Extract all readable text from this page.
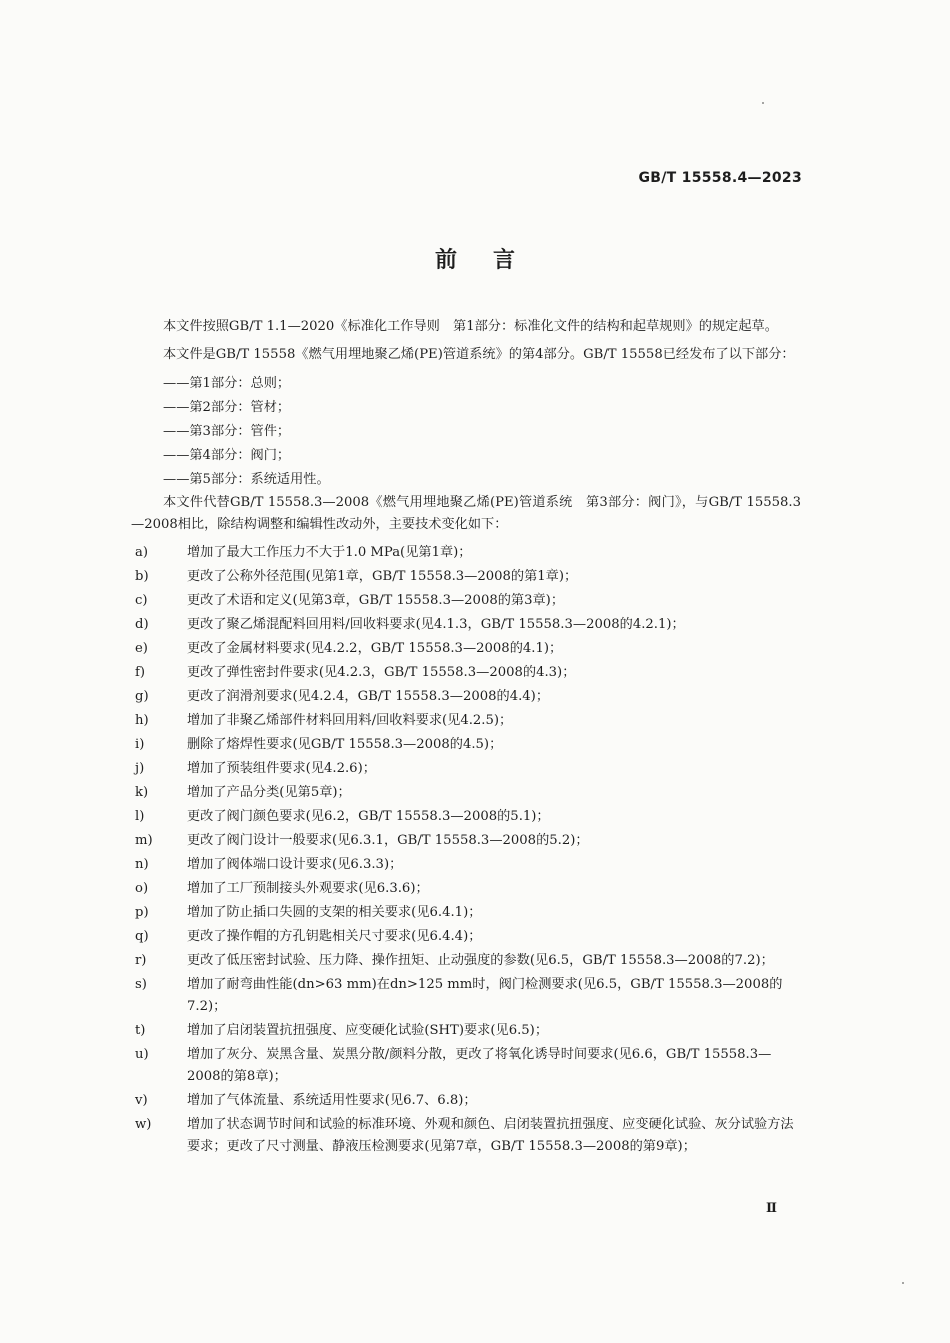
GB/T 15558.4—2023
前言

本文件按照GB/T 1.1—2020《标准化工作导则　第1部分：标准化文件的结构和起草规则》的规定起草。

本文件是GB/T 15558《燃气用埋地聚乙烯(PE)管道系统》的第4部分。GB/T 15558已经发布了以下部分：

——第1部分：总则；
——第2部分：管材；
——第3部分：管件；
——第4部分：阀门；
——第5部分：系统适用性。

本文件代替GB/T 15558.3—2008《燃气用埋地聚乙烯(PE)管道系统　第3部分：阀门》，与GB/T 15558.3—2008相比，除结构调整和编辑性改动外，主要技术变化如下：

a)	增加了最大工作压力不大于1.0 MPa(见第1章)；
b)	更改了公称外径范围(见第1章，GB/T 15558.3—2008的第1章)；
c)	更改了术语和定义(见第3章，GB/T 15558.3—2008的第3章)；
d)	更改了聚乙烯混配料回用料/回收料要求(见4.1.3，GB/T 15558.3—2008的4.2.1)；
e)	更改了金属材料要求(见4.2.2，GB/T 15558.3—2008的4.1)；
f)	更改了弹性密封件要求(见4.2.3，GB/T 15558.3—2008的4.3)；
g)	更改了润滑剂要求(见4.2.4，GB/T 15558.3—2008的4.4)；
h)	增加了非聚乙烯部件材料回用料/回收料要求(见4.2.5)；
i)	删除了熔焊性要求(见GB/T 15558.3—2008的4.5)；
j)	增加了预装组件要求(见4.2.6)；
k)	增加了产品分类(见第5章)；
l)	更改了阀门颜色要求(见6.2，GB/T 15558.3—2008的5.1)；
m)	更改了阀门设计一般要求(见6.3.1，GB/T 15558.3—2008的5.2)；
n)	增加了阀体端口设计要求(见6.3.3)；
o)	增加了工厂预制接头外观要求(见6.3.6)；
p)	增加了防止插口失圆的支架的相关要求(见6.4.1)；
q)	更改了操作帽的方孔钥匙相关尺寸要求(见6.4.4)；
r)	更改了低压密封试验、压力降、操作扭矩、止动强度的参数(见6.5，GB/T 15558.3—2008的7.2)；
s)	增加了耐弯曲性能(dn>63 mm)在dn>125 mm时，阀门检测要求(见6.5，GB/T 15558.3—2008的7.2)；
t)	增加了启闭装置抗扭强度、应变硬化试验(SHT)要求(见6.5)；
u)	增加了灰分、炭黑含量、炭黑分散/颜料分散，更改了将氧化诱导时间要求(见6.6，GB/T 15558.3—2008的第8章)；
v)	增加了气体流量、系统适用性要求(见6.7、6.8)；
w)	增加了状态调节时间和试验的标准环境、外观和颜色、启闭装置抗扭强度、应变硬化试验、灰分试验方法要求；更改了尺寸测量、静液压检测要求(见第7章，GB/T 15558.3—2008的第9章)；
Ⅱ
